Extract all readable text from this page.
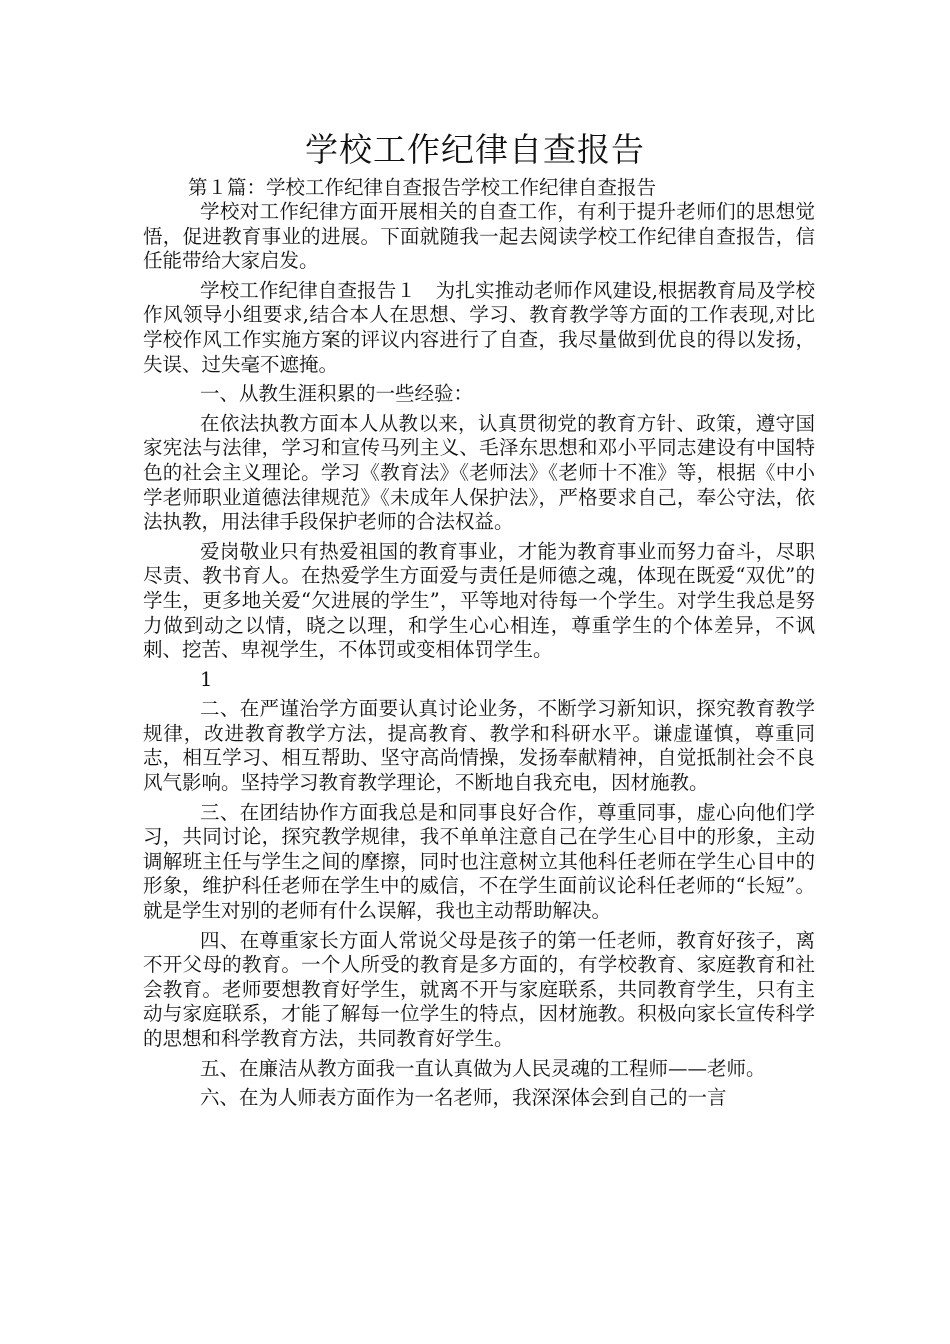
学校工作纪律自查报告

第１篇：学校工作纪律自查报告学校工作纪律自查报告

学校对工作纪律方面开展相关的自查工作，有利于提升老师们的思想觉悟，促进教育事业的进展。下面就随我一起去阅读学校工作纪律自查报告，信任能带给大家启发。

学校工作纪律自查报告１　为扎实推动老师作风建设,根据教育局及学校作风领导小组要求,结合本人在思想、学习、教育教学等方面的工作表现,对比学校作风工作实施方案的评议内容进行了自查，我尽量做到优良的得以发扬，失误、过失毫不遮掩。

一、从教生涯积累的一些经验：

在依法执教方面本人从教以来，认真贯彻党的教育方针、政策，遵守国家宪法与法律，学习和宣传马列主义、毛泽东思想和邓小平同志建设有中国特色的社会主义理论。学习《教育法》《老师法》《老师十不准》等，根据《中小学老师职业道德法律规范》《未成年人保护法》，严格要求自己，奉公守法，依法执教，用法律手段保护老师的合法权益。

爱岗敬业只有热爱祖国的教育事业，才能为教育事业而努力奋斗，尽职尽责、教书育人。在热爱学生方面爱与责任是师德之魂，体现在既爱“双优”的学生，更多地关爱“欠进展的学生”，平等地对待每一个学生。对学生我总是努力做到动之以情，晓之以理，和学生心心相连，尊重学生的个体差异，不讽刺、挖苦、卑视学生，不体罚或变相体罚学生。

1

二、在严谨治学方面要认真讨论业务，不断学习新知识，探究教育教学规律，改进教育教学方法，提高教育、教学和科研水平。谦虚谨慎，尊重同志，相互学习、相互帮助、坚守高尚情操，发扬奉献精神，自觉抵制社会不良风气影响。坚持学习教育教学理论，不断地自我充电，因材施教。

三、在团结协作方面我总是和同事良好合作，尊重同事，虚心向他们学习，共同讨论，探究教学规律，我不单单注意自己在学生心目中的形象，主动调解班主任与学生之间的摩擦，同时也注意树立其他科任老师在学生心目中的形象，维护科任老师在学生中的威信，不在学生面前议论科任老师的“长短”。就是学生对别的老师有什么误解，我也主动帮助解决。

四、在尊重家长方面人常说父母是孩子的第一任老师，教育好孩子，离不开父母的教育。一个人所受的教育是多方面的，有学校教育、家庭教育和社会教育。老师要想教育好学生，就离不开与家庭联系，共同教育学生，只有主动与家庭联系，才能了解每一位学生的特点，因材施教。积极向家长宣传科学的思想和科学教育方法，共同教育好学生。

五、在廉洁从教方面我一直认真做为人民灵魂的工程师——老师。

六、在为人师表方面作为一名老师，我深深体会到自己的一言
